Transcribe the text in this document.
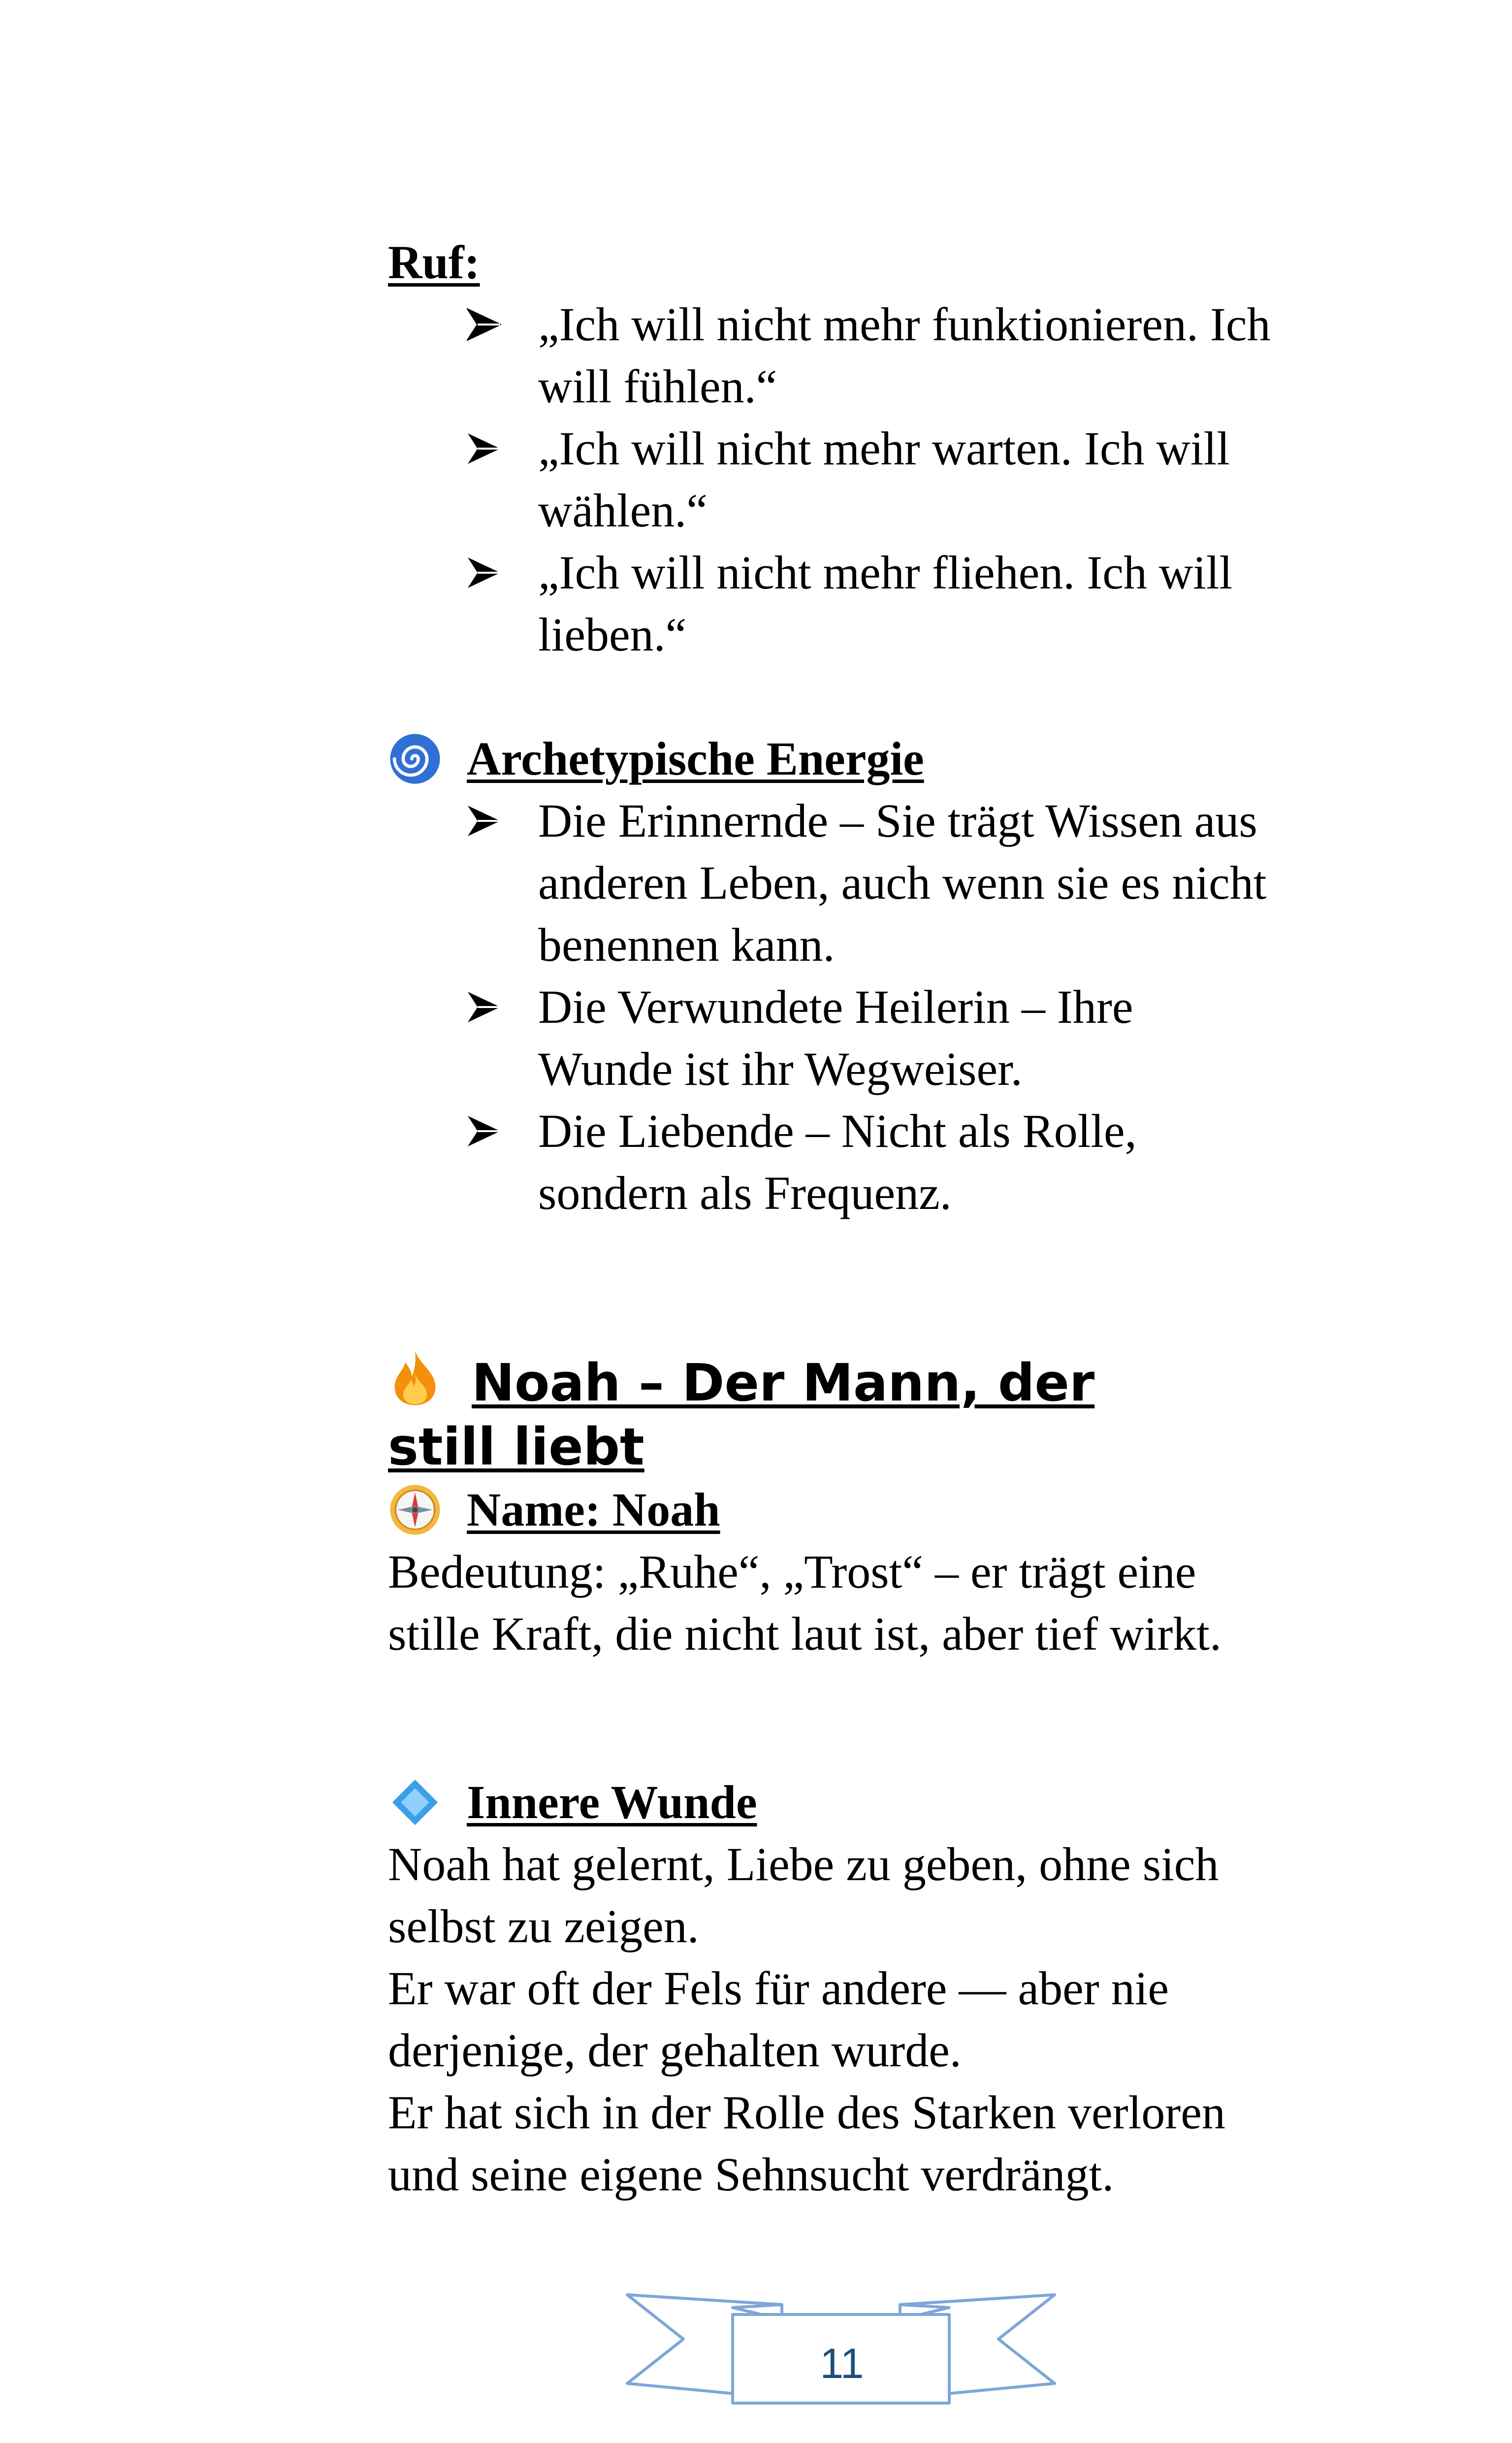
Ruf:
„Ich will nicht mehr funktionieren. Ich will fühlen.“
„Ich will nicht mehr warten. Ich will wählen.“
„Ich will nicht mehr fliehen. Ich will lieben.“
Archetypische Energie
Die Erinnernde – Sie trägt Wissen aus anderen Leben, auch wenn sie es nicht benennen kann.
Die Verwundete Heilerin – Ihre Wunde ist ihr Wegweiser.
Die Liebende – Nicht als Rolle, sondern als Frequenz.
Noah – Der Mann, der still liebt
Name: Noah

Bedeutung: „Ruhe“, „Trost“ – er trägt eine stille Kraft, die nicht laut ist, aber tief wirkt.

Innere Wunde

Noah hat gelernt, Liebe zu geben, ohne sich selbst zu zeigen.

Er war oft der Fels für andere — aber nie derjenige, der gehalten wurde.

Er hat sich in der Rolle des Starken verloren und seine eigene Sehnsucht verdrängt.

11
